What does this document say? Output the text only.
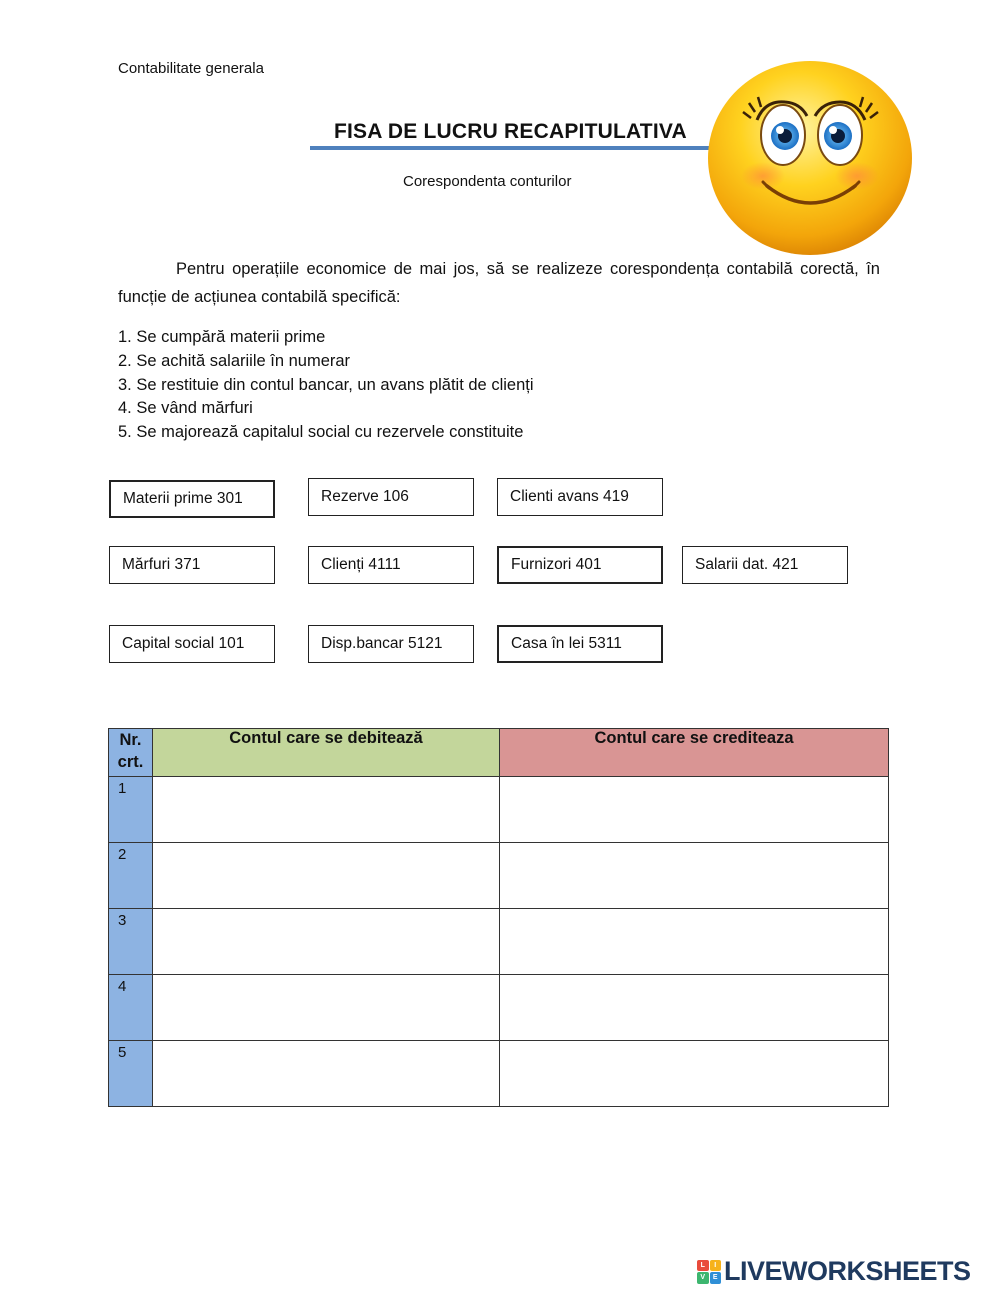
Contabilitate generala
FISA DE LUCRU RECAPITULATIVA
Corespondenta conturilor
Pentru operațiile economice de mai jos, să se realizeze corespondența contabilă corectă, în funcție de acțiunea contabilă specifică:
1. Se cumpără materii prime
2. Se achită salariile în numerar
3. Se restituie din contul bancar, un avans plătit de clienți
4. Se vând mărfuri
5. Se majorează capitalul social cu rezervele constituite
Materii prime 301	Rezerve 106	Clienti avans 419
Mărfuri 371	Clienți 4111	Furnizori 401	Salarii dat. 421
Capital social 101	Disp.bancar 5121	Casa în lei 5311
Nr. crt.	Contul care se debitează	Contul care se crediteaza
1		
2		
3		
4		
5		
L	I
V	E LIVEWORKSHEETS
